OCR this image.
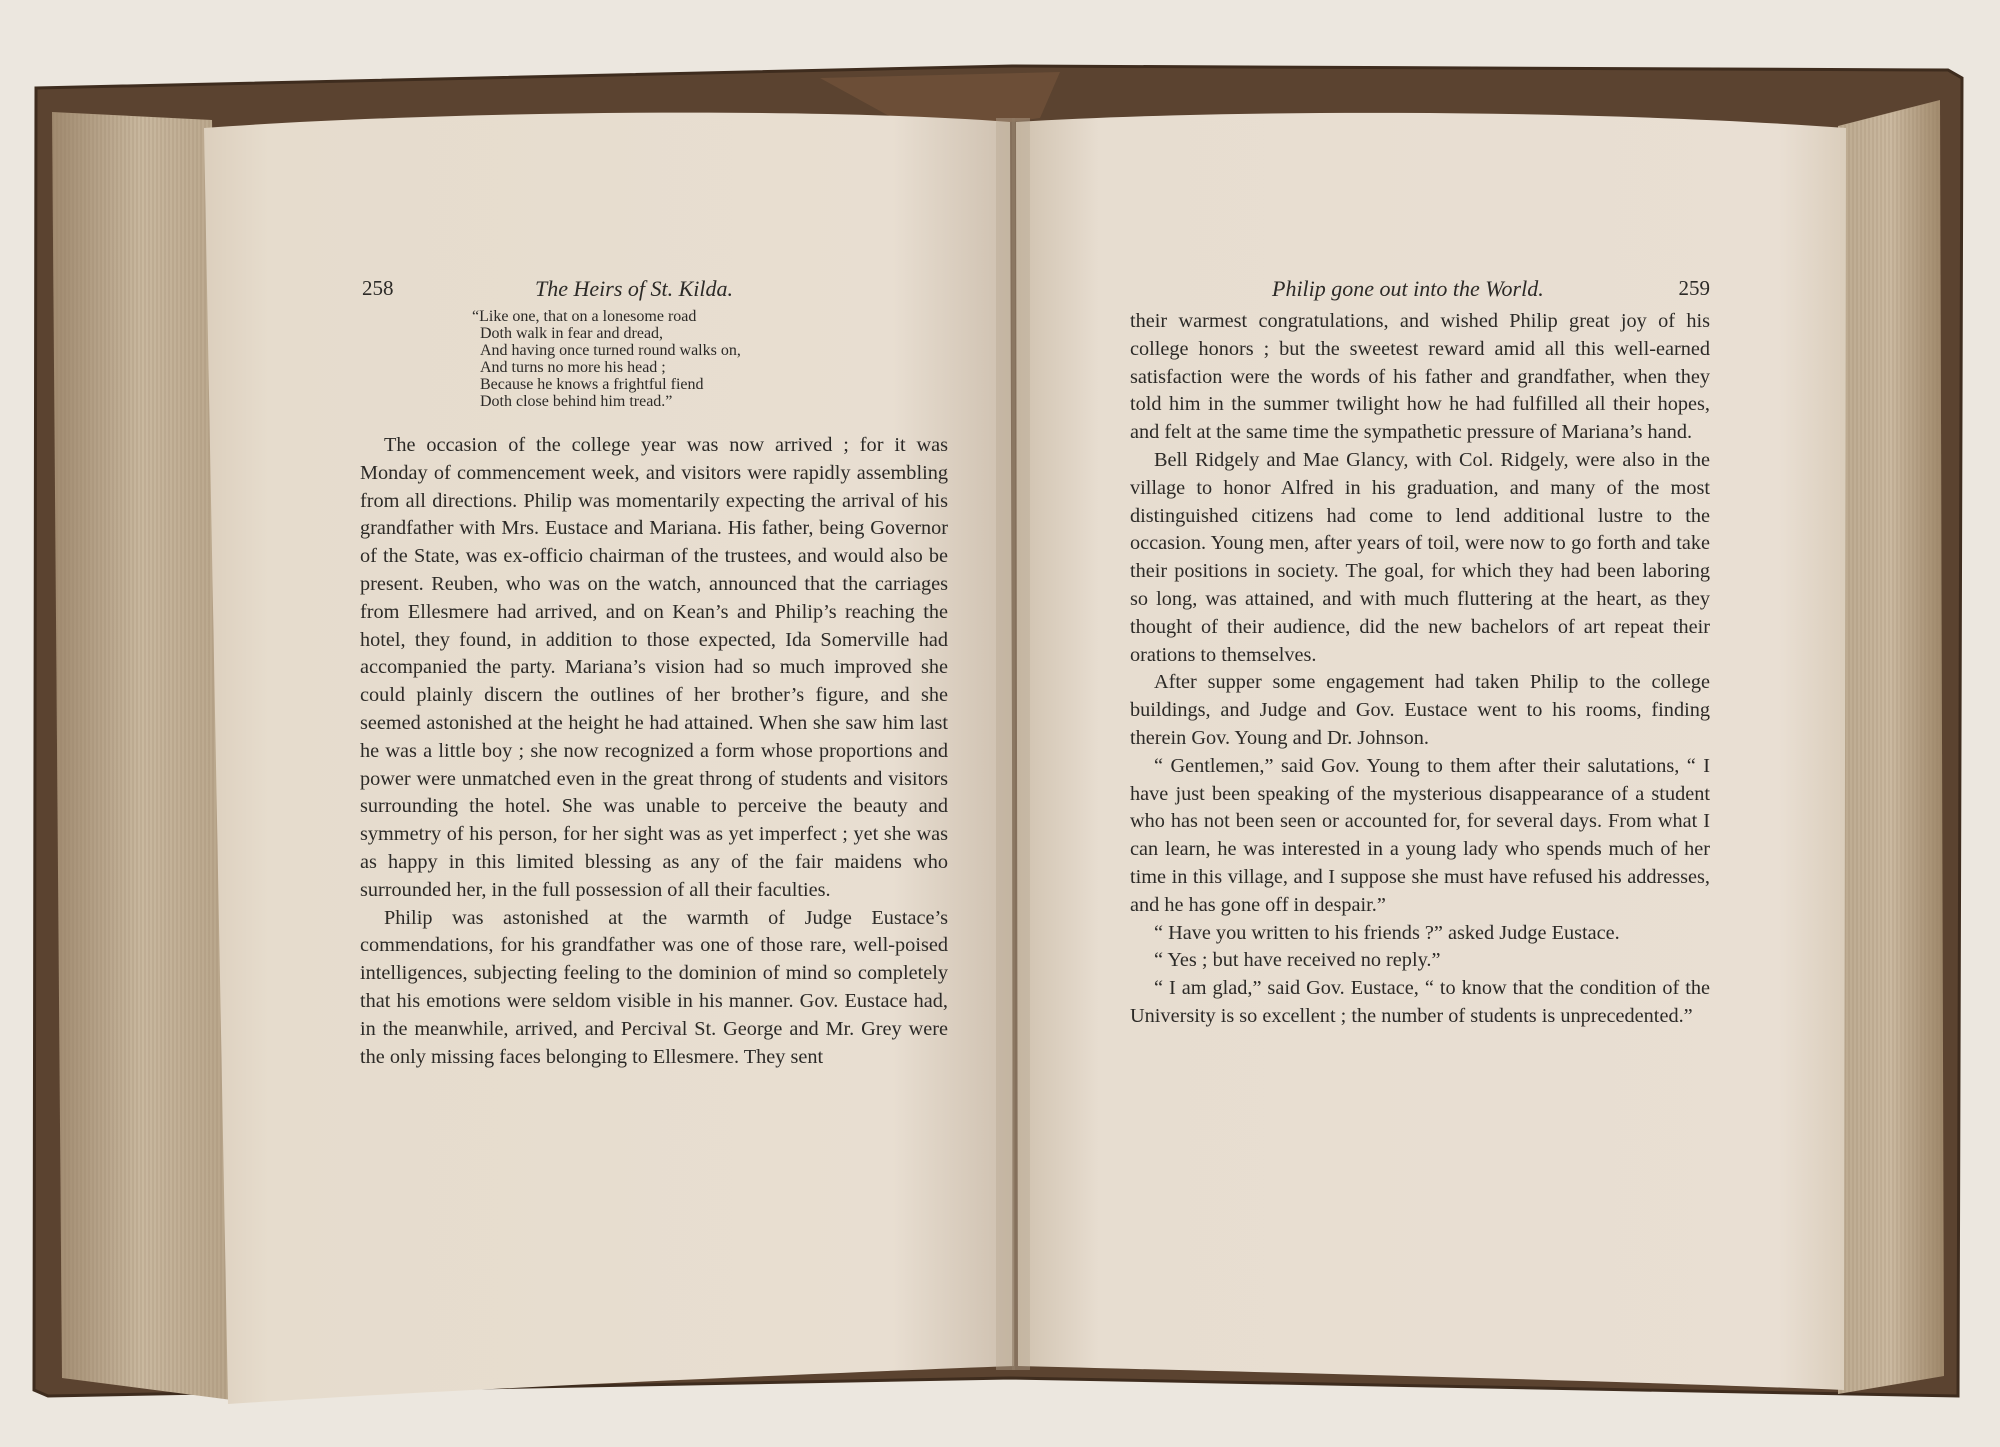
258	The Heirs of St. Kilda.
“Like one, that on a lonesome road
Doth walk in fear and dread,
And having once turned round walks on,
And turns no more his head ;
Because he knows a frightful fiend
Doth close behind him tread.”

The occasion of the college year was now arrived ; for it was Monday of commencement week, and visitors were rapidly assembling from all directions. Philip was momentarily expecting the arrival of his grandfather with Mrs. Eustace and Mariana. His father, being Governor of the State, was ex-officio chairman of the trustees, and would also be present. Reuben, who was on the watch, announced that the carriages from Ellesmere had arrived, and on Kean’s and Philip’s reaching the hotel, they found, in addition to those expected, Ida Somerville had accompanied the party. Mariana’s vision had so much improved she could plainly discern the outlines of her brother’s figure, and she seemed astonished at the height he had attained. When she saw him last he was a little boy ; she now recognized a form whose proportions and power were unmatched even in the great throng of students and visitors surrounding the hotel. She was unable to perceive the beauty and symmetry of his person, for her sight was as yet imperfect ; yet she was as happy in this limited blessing as any of the fair maidens who surrounded her, in the full possession of all their faculties.

Philip was astonished at the warmth of Judge Eustace’s commendations, for his grandfather was one of those rare, well-poised intelligences, subjecting feeling to the dominion of mind so completely that his emotions were seldom visible in his manner. Gov. Eustace had, in the meanwhile, arrived, and Percival St. George and Mr. Grey were the only missing faces belonging to Ellesmere. They sent

Philip gone out into the World.	259

their warmest congratulations, and wished Philip great joy of his college honors ; but the sweetest reward amid all this well-earned satisfaction were the words of his father and grandfather, when they told him in the summer twilight how he had fulfilled all their hopes, and felt at the same time the sympathetic pressure of Mariana’s hand.

Bell Ridgely and Mae Glancy, with Col. Ridgely, were also in the village to honor Alfred in his graduation, and many of the most distinguished citizens had come to lend additional lustre to the occasion. Young men, after years of toil, were now to go forth and take their positions in society. The goal, for which they had been laboring so long, was attained, and with much fluttering at the heart, as they thought of their audience, did the new bachelors of art repeat their orations to themselves.

After supper some engagement had taken Philip to the college buildings, and Judge and Gov. Eustace went to his rooms, finding therein Gov. Young and Dr. Johnson.

“ Gentlemen,” said Gov. Young to them after their salutations, “ I have just been speaking of the mysterious disappearance of a student who has not been seen or accounted for, for several days. From what I can learn, he was interested in a young lady who spends much of her time in this village, and I suppose she must have refused his addresses, and he has gone off in despair.”

“ Have you written to his friends ?” asked Judge Eustace.

“ Yes ; but have received no reply.”

“ I am glad,” said Gov. Eustace, “ to know that the condition of the University is so excellent ; the number of students is unprecedented.”
